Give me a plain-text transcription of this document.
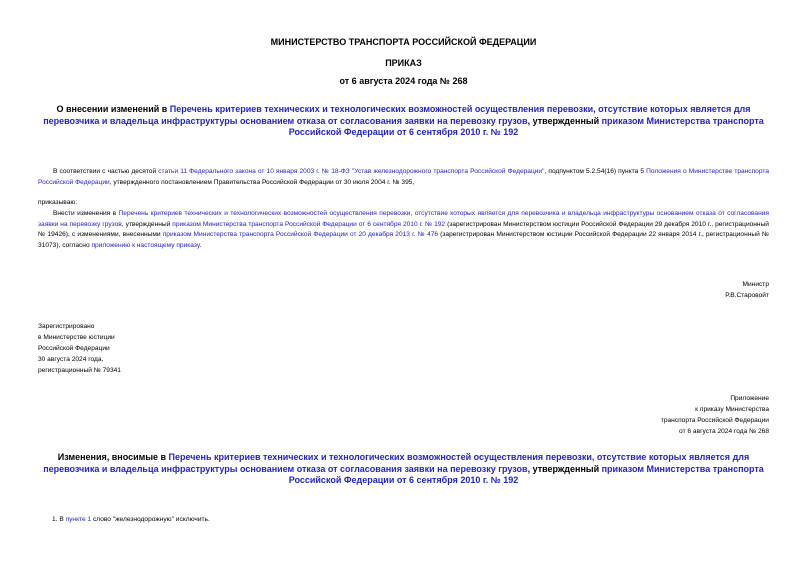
МИНИСТЕРСТВО ТРАНСПОРТА РОССИЙСКОЙ ФЕДЕРАЦИИ
ПРИКАЗ
от 6 августа 2024 года № 268
О внесении изменений в Перечень критериев технических и технологических возможностей осуществления перевозки, отсутствие которых является для перевозчика и владельца инфраструктуры основанием отказа от согласования заявки на перевозку грузов, утвержденный приказом Министерства транспорта Российской Федерации от 6 сентября 2010 г. № 192
В соответствии с частью десятой статьи 11 Федерального закона от 10 января 2003 г. № 18-ФЗ "Устав железнодорожного транспорта Российской Федерации", подпунктом 5.2.54(16) пункта 5 Положения о Министерстве транспорта Российской Федерации, утвержденного постановлением Правительства Российской Федерации от 30 июля 2004 г. № 395,
приказываю:
Внести изменения в Перечень критериев технических и технологических возможностей осуществления перевозки, отсутствие которых является для перевозчика и владельца инфраструктуры основанием отказа от согласования заявки на перевозку грузов, утвержденный приказом Министерства транспорта Российской Федерации от 6 сентября 2010 г. № 192 (зарегистрирован Министерством юстиции Российской Федерации 29 декабря 2010 г., регистрационный № 19426), с изменениями, внесенными приказом Министерства транспорта Российской Федерации от 20 декабря 2013 г. № 476 (зарегистрирован Министерством юстиции Российской Федерации 22 января 2014 г., регистрационный № 31073), согласно приложению к настоящему приказу.
Министр
Р.В.Старовойт
Зарегистрировано
в Министерстве юстиции
Российской Федерации
30 августа 2024 года,
регистрационный № 79341
Приложение
к приказу Министерства
транспорта Российской Федерации
от 6 августа 2024 года № 268
Изменения, вносимые в Перечень критериев технических и технологических возможностей осуществления перевозки, отсутствие которых является для перевозчика и владельца инфраструктуры основанием отказа от согласования заявки на перевозку грузов, утвержденный приказом Министерства транспорта Российской Федерации от 6 сентября 2010 г. № 192
1. В пункте 1 слово "железнодорожную" исключить.
